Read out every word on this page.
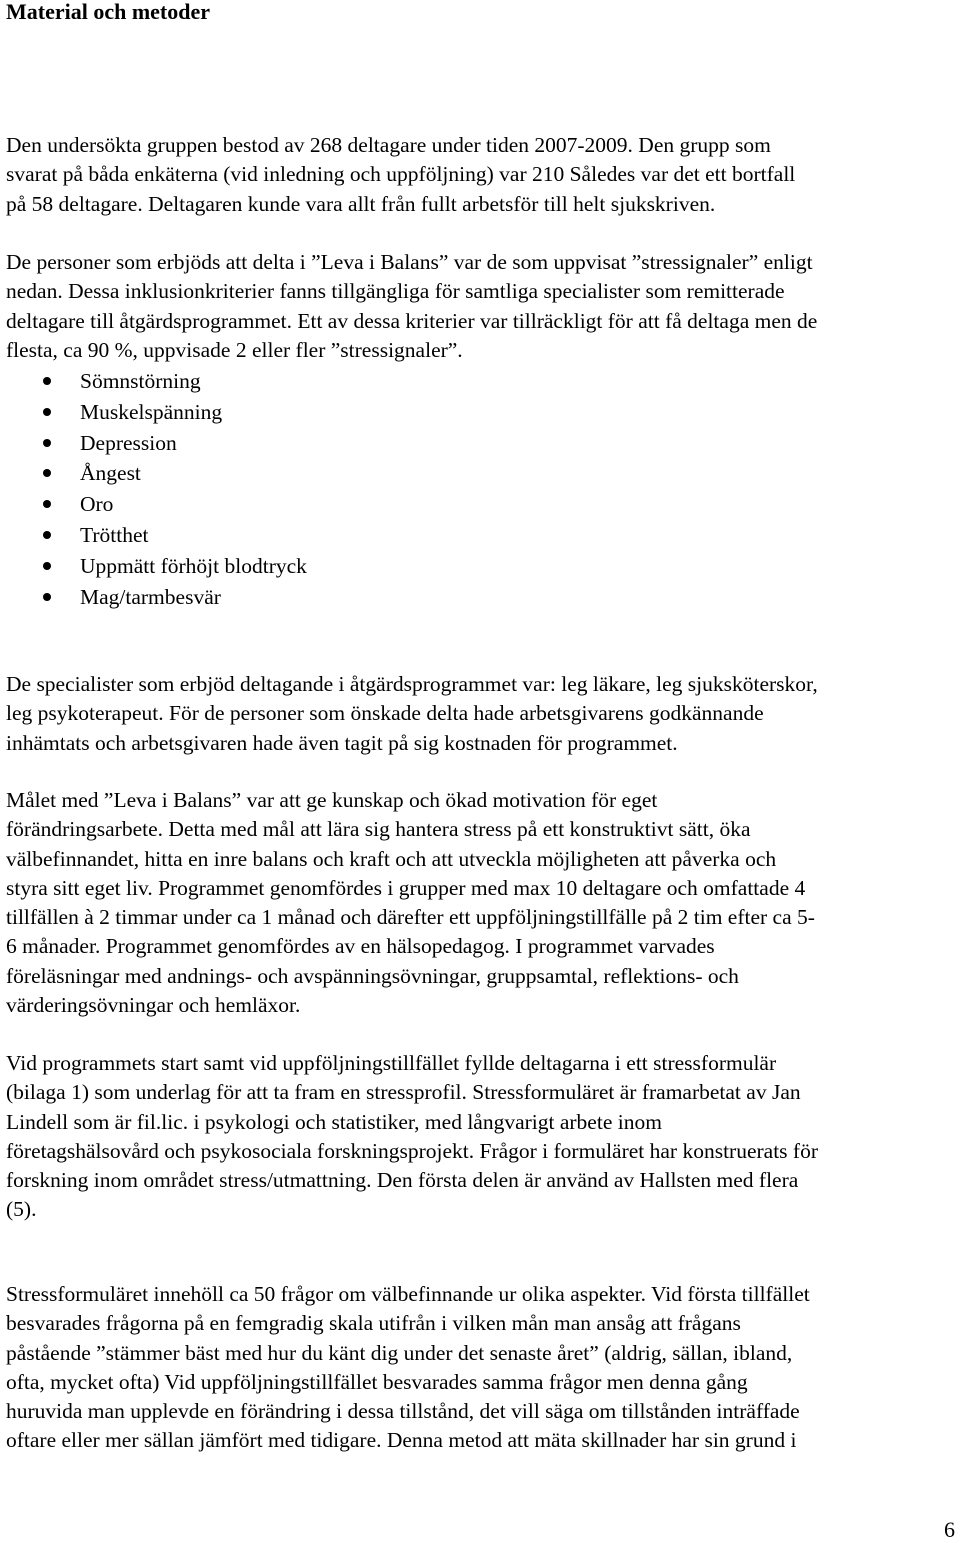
Material och metoder

Den undersökta gruppen bestod av 268 deltagare under tiden 2007-2009. Den grupp som
svarat på båda enkäterna (vid inledning och uppföljning) var 210 Således var det ett bortfall
på 58 deltagare. Deltagaren kunde vara allt från fullt arbetsför till helt sjukskriven.

De personer som erbjöds att delta i ”Leva i Balans” var de som uppvisat ”stressignaler” enligt
nedan. Dessa inklusionkriterier fanns tillgängliga för samtliga specialister som remitterade
deltagare till åtgärdsprogrammet. Ett av dessa kriterier var tillräckligt för att få deltaga men de
flesta, ca 90 %, uppvisade 2 eller fler ”stressignaler”.

Sömnstörning
Muskelspänning
Depression
Ångest
Oro
Trötthet
Uppmätt förhöjt blodtryck
Mag/tarmbesvär

De specialister som erbjöd deltagande i åtgärdsprogrammet var: leg läkare, leg sjuksköterskor,
leg psykoterapeut. För de personer som önskade delta hade arbetsgivarens godkännande
inhämtats och arbetsgivaren hade även tagit på sig kostnaden för programmet.

Målet med ”Leva i Balans” var att ge kunskap och ökad motivation för eget
förändringsarbete. Detta med mål att lära sig hantera stress på ett konstruktivt sätt, öka
välbefinnandet, hitta en inre balans och kraft och att utveckla möjligheten att påverka och
styra sitt eget liv. Programmet genomfördes i grupper med max 10 deltagare och omfattade 4
tillfällen à 2 timmar under ca 1 månad och därefter ett uppföljningstillfälle på 2 tim efter ca 5-
6 månader. Programmet genomfördes av en hälsopedagog. I programmet varvades
föreläsningar med andnings- och avspänningsövningar, gruppsamtal, reflektions- och
värderingsövningar och hemläxor.

Vid programmets start samt vid uppföljningstillfället fyllde deltagarna i ett stressformulär
(bilaga 1) som underlag för att ta fram en stressprofil. Stressformuläret är framarbetat av Jan
Lindell som är fil.lic. i psykologi och statistiker, med långvarigt arbete inom
företagshälsovård och psykosociala forskningsprojekt. Frågor i formuläret har konstruerats för
forskning inom området stress/utmattning. Den första delen är använd av Hallsten med flera
(5).

Stressformuläret innehöll ca 50 frågor om välbefinnande ur olika aspekter. Vid första tillfället
besvarades frågorna på en femgradig skala utifrån i vilken mån man ansåg att frågans
påstående ”stämmer bäst med hur du känt dig under det senaste året” (aldrig, sällan, ibland,
ofta, mycket ofta) Vid uppföljningstillfället besvarades samma frågor men denna gång
huruvida man upplevde en förändring i dessa tillstånd, det vill säga om tillstånden inträffade
oftare eller mer sällan jämfört med tidigare. Denna metod att mäta skillnader har sin grund i

6
